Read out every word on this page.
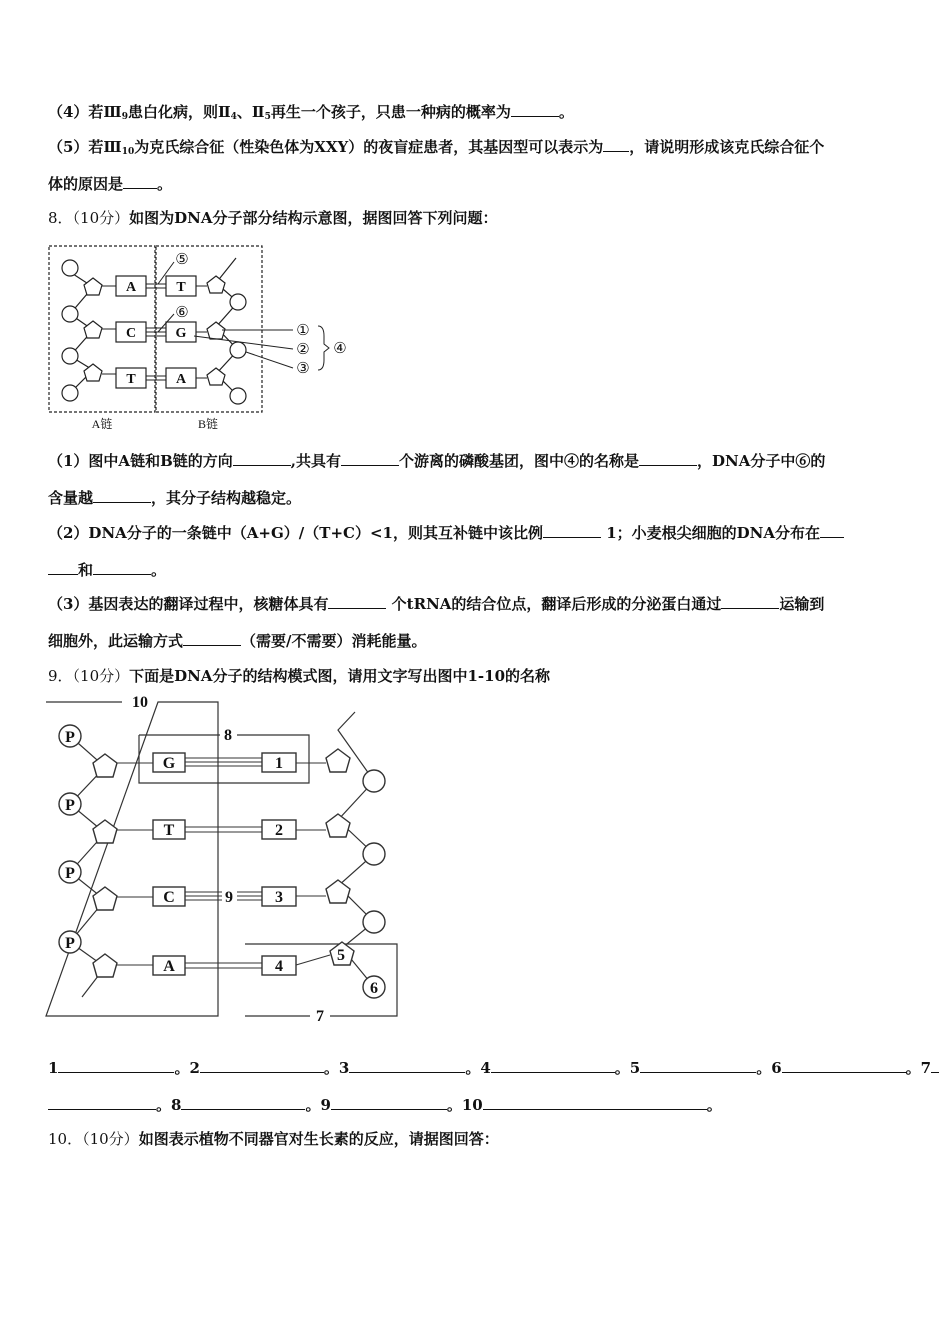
（4）若$Ⅲ_9$患白化病，则$Ⅱ_4$、$Ⅱ_5$再生一个孩子，只患一种病的概率为	。
（5）若$Ⅲ_{10}$为克氏综合征（性染色体为XXY）的夜盲症患者，其基因型可以表示为 ，请说明形成该克氏综合征个
体的原因是 。
8．（10分）如图为DNA分子部分结构示意图，据图回答下列问题：
A
C
T
T
G
A
⑤
⑥
①
②
③
④
A链	B链
（1）图中A链和B链的方向	,共具有	个游离的磷酸基团，图中④的名称是	，DNA分子中⑥的
含量越	，其分子结构越稳定。
（2）DNA分子的一条链中（A+G）/（T+C）<1，则其互补链中该比例	1；小麦根尖细胞的DNA分布在
和	。
（3）基因表达的翻译过程中，核糖体具有	个tRNA的结合位点，翻译后形成的分泌蛋白通过	运输到
细胞外，此运输方式	（需要/不需要）消耗能量。
9．（10分）下面是DNA分子的结构模式图，请用文字写出图中1-10的名称
P
P
P
P
G
T
C
A
1
2
3
4
10
8
9
5
6
7
1	。2	。3	。4	。5	。6	。7
。8	。9	。10	。
10．（10分）如图表示植物不同器官对生长素的反应，请据图回答：
